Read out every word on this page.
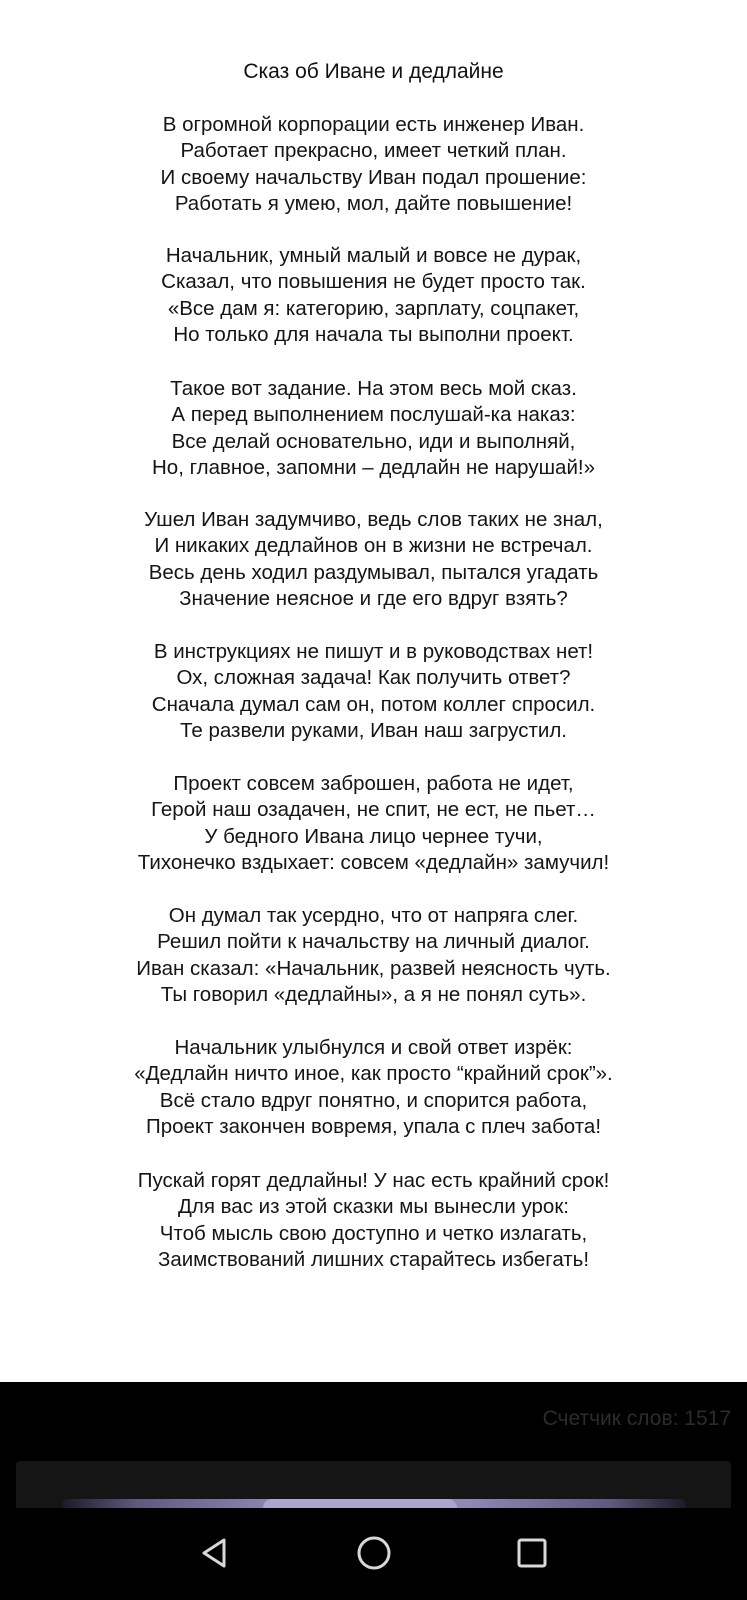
Сказ об Иване и дедлайне
В огромной корпорации есть инженер Иван.
Работает прекрасно, имеет четкий план.
И своему начальству Иван подал прошение:
Работать я умею, мол, дайте повышение!
Начальник, умный малый и вовсе не дурак,
Сказал, что повышения не будет просто так.
«Все дам я: категорию, зарплату, соцпакет,
Но только для начала ты выполни проект.
Такое вот задание. На этом весь мой сказ.
А перед выполнением послушай-ка наказ:
Все делай основательно, иди и выполняй,
Но, главное, запомни – дедлайн не нарушай!»
Ушел Иван задумчиво, ведь слов таких не знал,
И никаких дедлайнов он в жизни не встречал.
Весь день ходил раздумывал, пытался угадать
Значение неясное и где его вдруг взять?
В инструкциях не пишут и в руководствах нет!
Ох, сложная задача! Как получить ответ?
Сначала думал сам он, потом коллег спросил.
Те развели руками, Иван наш загрустил.
Проект совсем заброшен, работа не идет,
Герой наш озадачен, не спит, не ест, не пьет…
У бедного Ивана лицо чернее тучи,
Тихонечко вздыхает: совсем «дедлайн» замучил!
Он думал так усердно, что от напряга слег.
Решил пойти к начальству на личный диалог.
Иван сказал: «Начальник, развей неясность чуть.
Ты говорил «дедлайны», а я не понял суть».
Начальник улыбнулся и свой ответ изрёк:
«Дедлайн ничто иное, как просто “крайний срок”».
Всё стало вдруг понятно, и спорится работа,
Проект закончен вовремя, упала с плеч забота!
Пускай горят дедлайны! У нас есть крайний срок!
Для вас из этой сказки мы вынесли урок:
Чтоб мысль свою доступно и четко излагать,
Заимствований лишних старайтесь избегать!
Счетчик слов: 1517
